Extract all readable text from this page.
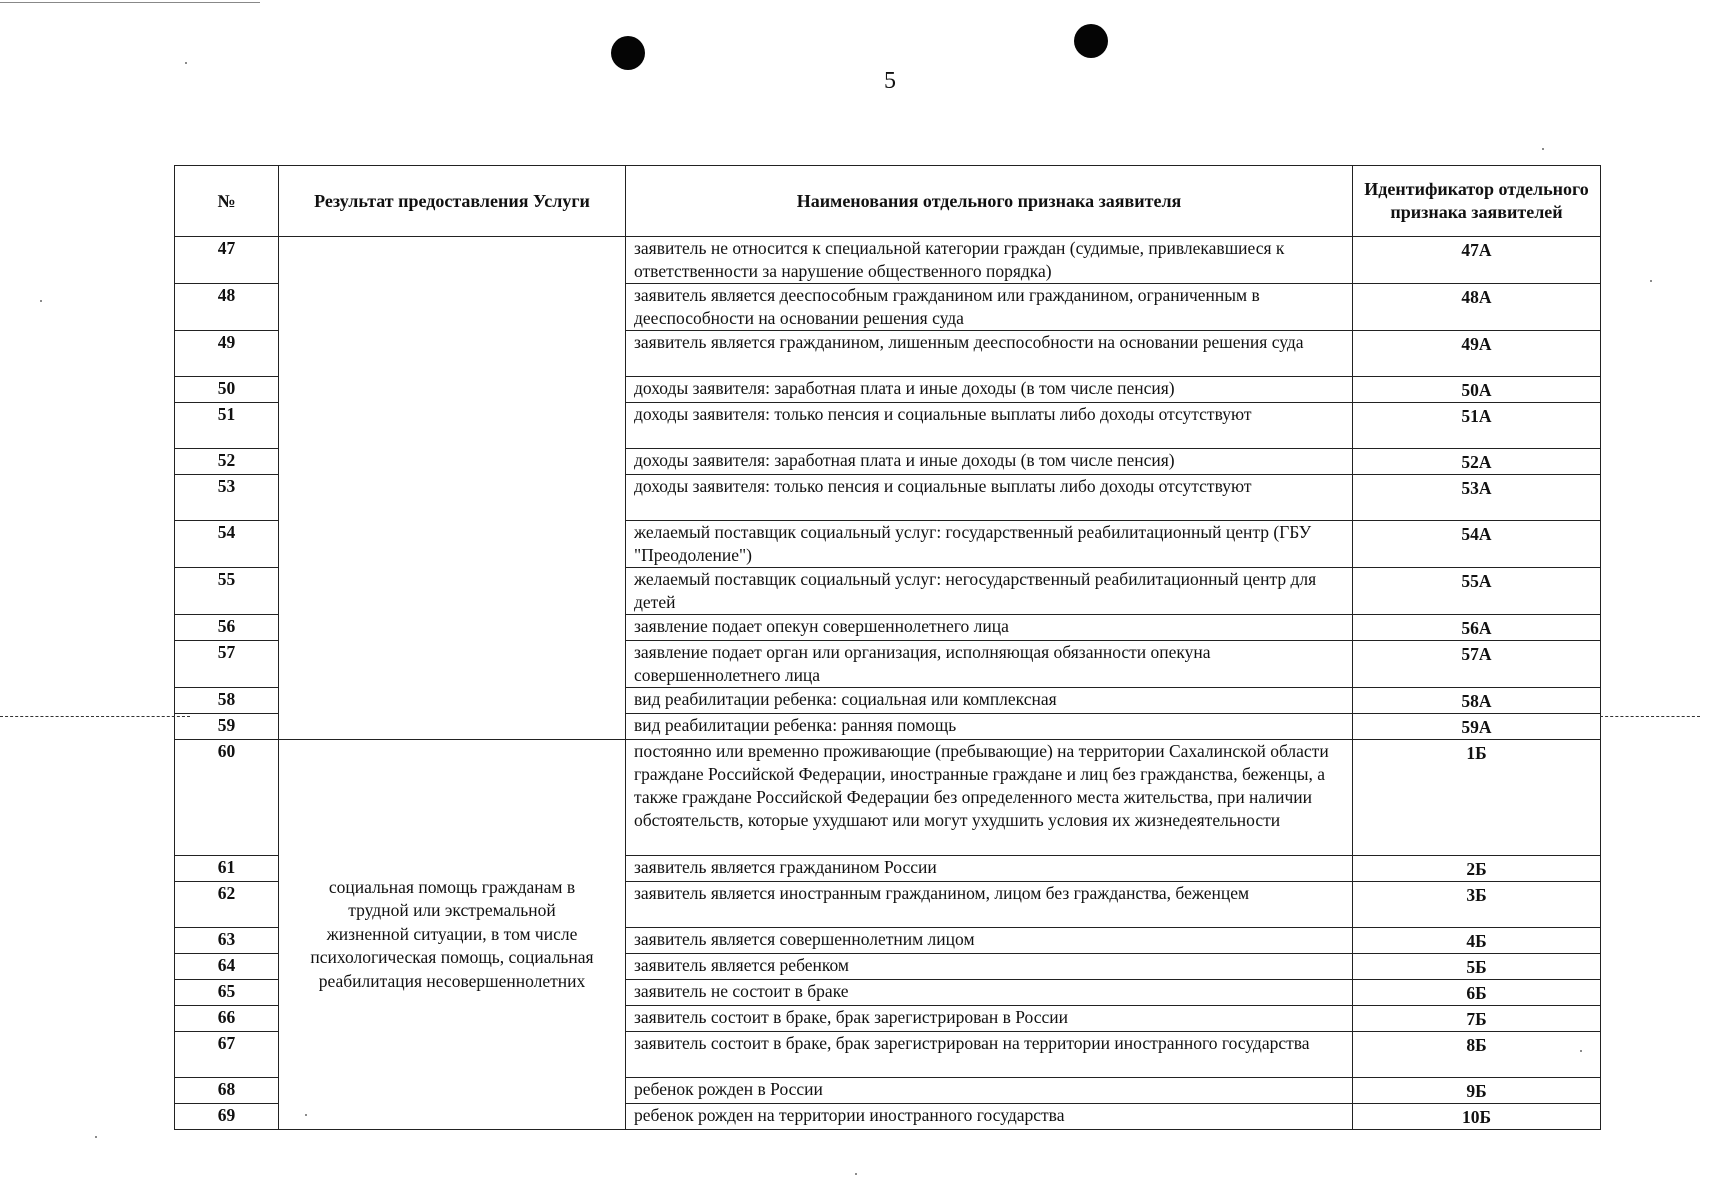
5
№	Результат предоставления Услуги	Наименования отдельного признака заявителя	Идентификатор отдельного признака заявителей
47		заявитель не относится к специальной категории граждан (судимые, привлекавшиеся к ответственности за нарушение общественного порядка)	47А
48		заявитель является дееспособным гражданином или гражданином, ограниченным в дееспособности на основании решения суда	48А
49		заявитель является гражданином, лишенным дееспособности на основании решения суда	49А
50		доходы заявителя: заработная плата и иные доходы (в том числе пенсия)	50А
51		доходы заявителя: только пенсия и социальные выплаты либо доходы отсутствуют	51А
52		доходы заявителя: заработная плата и иные доходы (в том числе пенсия)	52А
53		доходы заявителя: только пенсия и социальные выплаты либо доходы отсутствуют	53А
54		желаемый поставщик социальный услуг: государственный реабилитационный центр (ГБУ "Преодоление")	54А
55		желаемый поставщик социальный услуг: негосударственный реабилитационный центр для детей	55А
56		заявление подает опекун совершеннолетнего лица	56А
57		заявление подает орган или организация, исполняющая обязанности опекуна совершеннолетнего лица	57А
58		вид реабилитации ребенка: социальная или комплексная	58А
59		вид реабилитации ребенка: ранняя помощь	59А
60	социальная помощь гражданам в трудной или экстремальной жизненной ситуации, в том числе психологическая помощь, социальная реабилитация несовершеннолетних	постоянно или временно проживающие (пребывающие) на территории Сахалинской области граждане Российской Федерации, иностранные граждане и лиц без гражданства, беженцы, а также граждане Российской Федерации без определенного места жительства, при наличии обстоятельств, которые ухудшают или могут ухудшить условия их жизнедеятельности	1Б
61		заявитель является гражданином России	2Б
62		заявитель является иностранным гражданином, лицом без гражданства, беженцем	3Б
63		заявитель является совершеннолетним лицом	4Б
64		заявитель является ребенком	5Б
65		заявитель не состоит в браке	6Б
66		заявитель состоит в браке, брак зарегистрирован в России	7Б
67		заявитель состоит в браке, брак зарегистрирован на территории иностранного государства	8Б
68		ребенок рожден в России	9Б
69		ребенок рожден на территории иностранного государства	10Б
